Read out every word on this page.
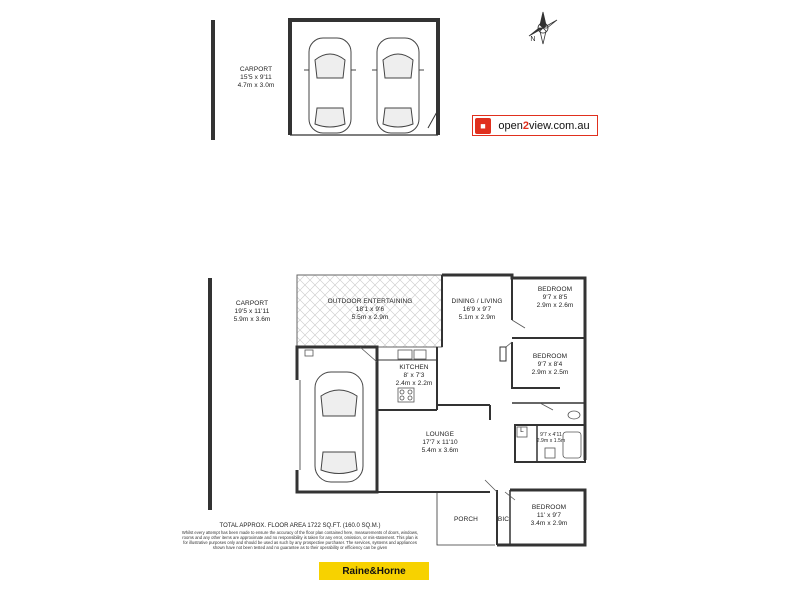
CARPORT
15'5 x 9'11
4.7m x 3.0m
CARPORT
19'5 x 11'11
5.9m x 3.6m
OUTDOOR ENTERTAINING
18'1 x 9'6
5.5m x 2.9m
DINING / LIVING
16'9 x 9'7
5.1m x 2.9m
BEDROOM
9'7 x 8'5
2.9m x 2.6m
BEDROOM
9'7 x 8'4
2.9m x 2.5m
KITCHEN
8' x 7'3
2.4m x 2.2m
LOUNGE
17'7 x 11'10
5.4m x 3.6m
9'7 x 4'11
2.9m x 1.5m
L
BEDROOM
11' x 9'7
3.4m x 2.9m
PORCH	BIC
N
■	open2view.com.au
TOTAL APPROX. FLOOR AREA 1722 SQ.FT. (160.0 SQ.M.)
Whilst every attempt has been made to ensure the accuracy of the floor plan contained here, measurements of doors, windows, rooms and any other items are approximate and no responsibility is taken for any error, omission, or mis-statement. This plan is for illustrative purposes only and should be used as such by any prospective purchaser. The services, systems and appliances shown have not been tested and no guarantee as to their operability or efficiency can be given
Raine&Horne
